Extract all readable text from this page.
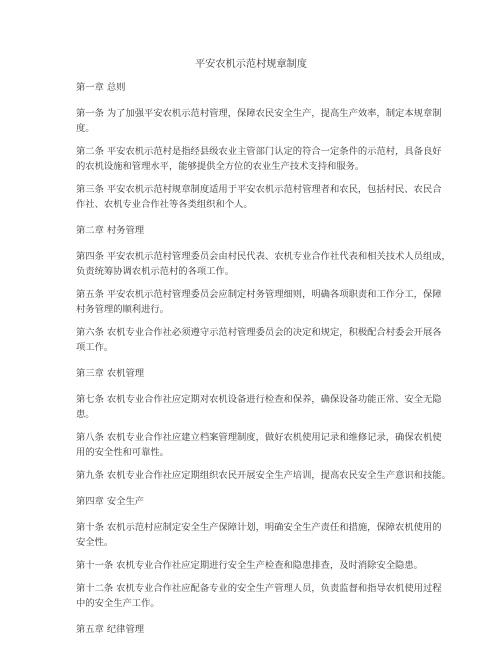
平安农机示范村规章制度
第一章 总则
第一条 为了加强平安农机示范村管理，保障农民安全生产，提高生产效率，制定本规章制
度。
第二条 平安农机示范村是指经县级农业主管部门认定的符合一定条件的示范村，具备良好
的农机设施和管理水平，能够提供全方位的农业生产技术支持和服务。
第三条 平安农机示范村规章制度适用于平安农机示范村管理者和农民，包括村民、农民合
作社、农机专业合作社等各类组织和个人。
第二章 村务管理
第四条 平安农机示范村管理委员会由村民代表、农机专业合作社代表和相关技术人员组成，
负责统筹协调农机示范村的各项工作。
第五条 平安农机示范村管理委员会应制定村务管理细则，明确各项职责和工作分工，保障
村务管理的顺利进行。
第六条 农机专业合作社必须遵守示范村管理委员会的决定和规定，积极配合村委会开展各
项工作。
第三章 农机管理
第七条 农机专业合作社应定期对农机设备进行检查和保养，确保设备功能正常、安全无隐
患。
第八条 农机专业合作社应建立档案管理制度，做好农机使用记录和维修记录，确保农机使
用的安全性和可靠性。
第九条 农机专业合作社应定期组织农民开展安全生产培训，提高农民安全生产意识和技能。
第四章 安全生产
第十条 农机示范村应制定安全生产保障计划，明确安全生产责任和措施，保障农机使用的
安全性。
第十一条 农机专业合作社应定期进行安全生产检查和隐患排查，及时消除安全隐患。
第十二条 农机专业合作社应配备专业的安全生产管理人员，负责监督和指导农机使用过程
中的安全生产工作。
第五章 纪律管理
